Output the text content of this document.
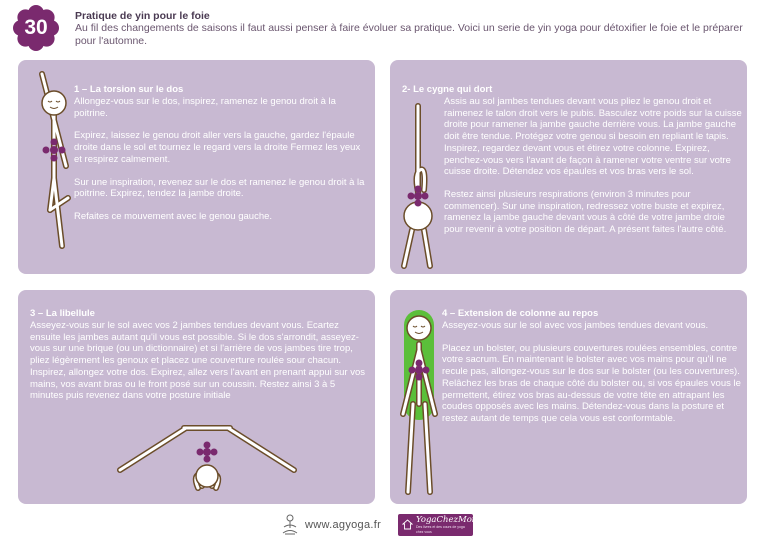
30	Pratique de yin pour le foie
Au fil des changements de saisons il faut aussi penser à faire évoluer sa pratique. Voici un serie de yin yoga pour détoxifier le foie et le préparer pour l'automne.
1 – La torsion sur le dos
Allongez-vous sur le dos, inspirez, ramenez le genou droit à la poitrine.
Expirez, laissez le genou droit aller vers la gauche, gardez l'épaule droite dans le sol et tournez le regard vers la droite Fermez les yeux et respirez calmement.
Sur une inspiration, revenez sur le dos et ramenez le genou droit à la poitrine. Expirez, tendez la jambe droite.
Refaites ce mouvement avec le genou gauche.
2- Le cygne qui dort
Assis au sol jambes tendues devant vous pliez le genou droit et raimenez le talon droit vers le pubis. Basculez votre poids sur la cuisse droite pour ramener la jambe gauche derrière vous. La jambe gauche doit être tendue. Protégez votre genou si besoin en repliant le tapis. Inspirez, regardez devant vous et étirez votre colonne. Expirez, penchez-vous vers l'avant de façon à ramener votre ventre sur votre cuisse droite. Détendez vos épaules et vos bras vers le sol.
Restez ainsi plusieurs respirations (environ 3 minutes pour commencer). Sur une inspiration, redressez votre buste et expirez, ramenez la jambe gauche devant vous à côté de votre jambe droie pour revenir à votre position de départ. A présent faites l'autre côté.
3 – La libellule
Asseyez-vous sur le sol avec vos 2 jambes tendues devant vous. Ecartez ensuite les jambes autant qu'il vous est possible. Si le dos s'arrondit, asseyez-vous sur une brique (ou un dictionnaire) et si l'arrière de vos jambes tire trop, pliez légèrement les genoux et placez une couverture roulée sour chacun. Inspirez, allongez votre dos. Expirez, allez vers l'avant en prenant appui sur vos mains, vos avant bras ou le front posé sur un coussin. Restez ainsi 3 à 5 minutes puis revenez dans votre posture initiale
4 – Extension de colonne au repos
Asseyez-vous sur le sol avec vos jambes tendues devant vous.
Placez un bolster, ou plusieurs couvertures roulées ensembles, contre votre sacrum. En maintenant le bolster avec vos mains pour qu'il ne recule pas, allongez-vous sur le dos sur le bolster (ou les couvertures). Relâchez les bras de chaque côté du bolster ou, si vos épaules vous le permettent, étirez vos bras au-dessus de votre tête en attrapant les coudes opposés avec les mains. Détendez-vous dans la posture et restez autant de temps que cela vous est conformtable.
www.agyoga.fr	YogaChezMoi
Des livres et des cours de yoga chez vous
